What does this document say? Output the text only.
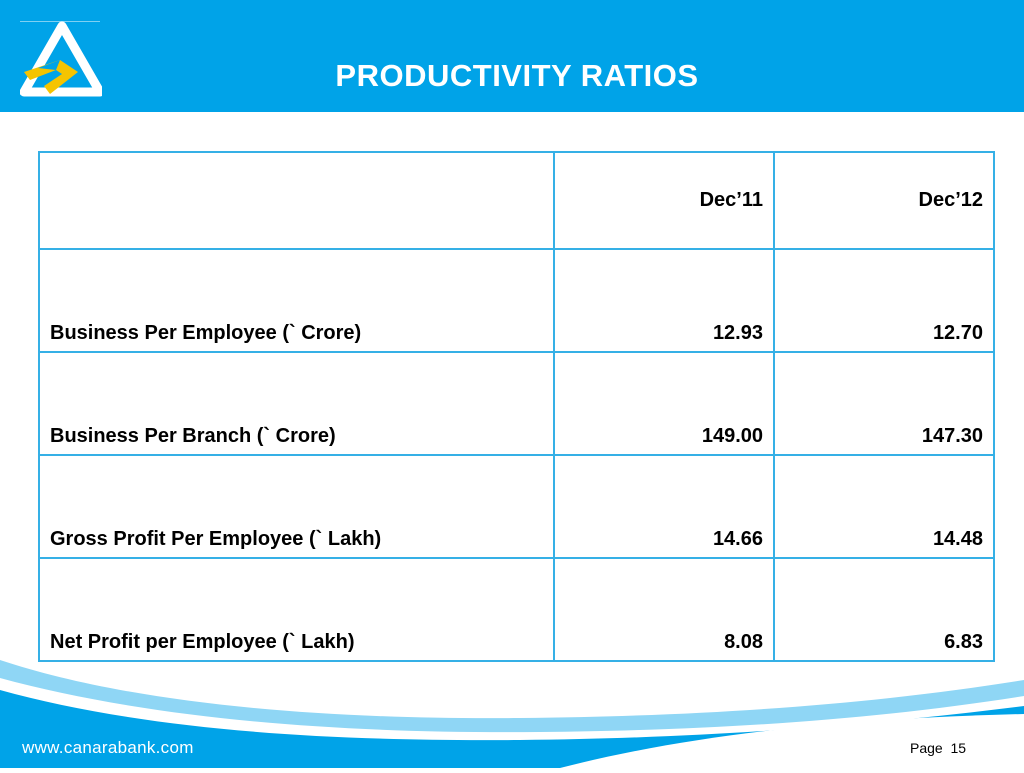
PRODUCTIVITY RATIOS
	Dec’11	Dec’12
Business Per Employee (` Crore)	12.93	12.70
Business Per Branch (` Crore)	149.00	147.30
Gross Profit Per Employee (` Lakh)	14.66	14.48
Net Profit per Employee (` Lakh)	8.08	6.83
www.canarabank.com	Page 15
